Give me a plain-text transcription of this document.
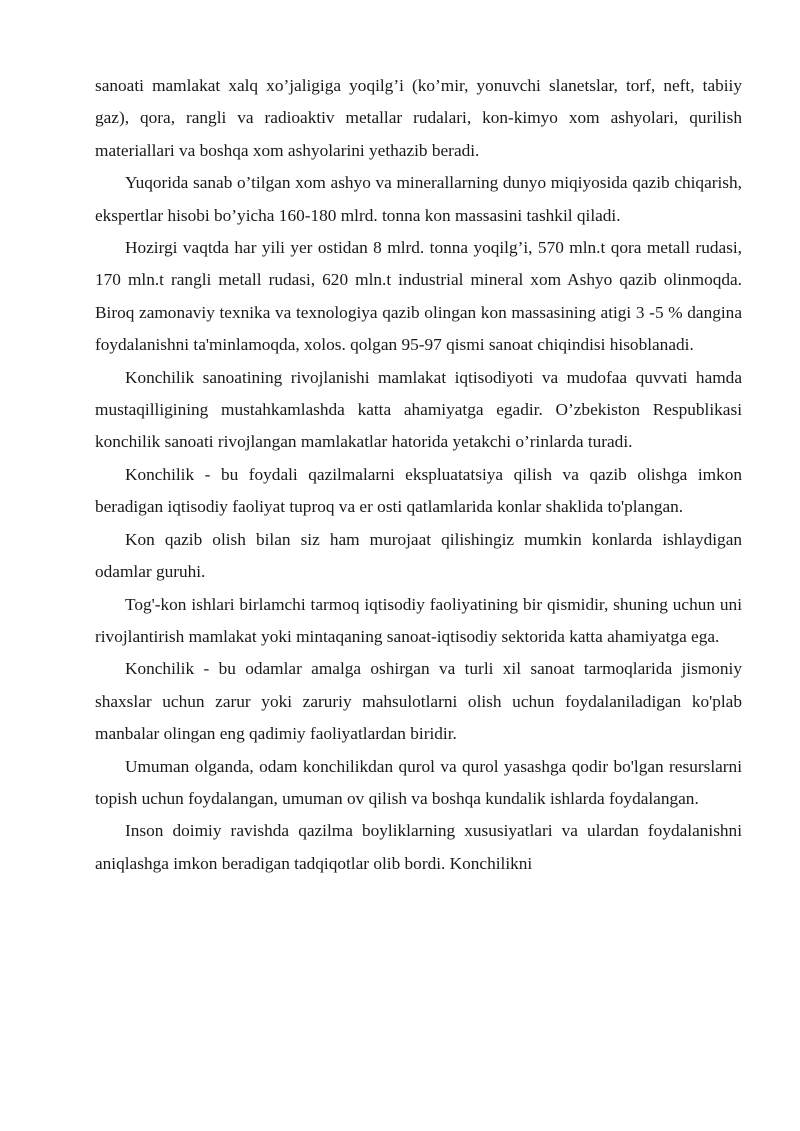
sanoati mamlakat xalq xo’jaligiga yoqilg’i (ko’mir, yonuvchi slanetslar, torf, neft, tabiiy gaz), qora, rangli va radioaktiv metallar rudalari, kon-kimyo xom ashyolari, qurilish materiallari va boshqa xom ashyolarini yethazib beradi.

Yuqorida sanab o’tilgan xom ashyo va minerallarning dunyo miqiyosida qazib chiqarish, ekspertlar hisobi bo’yicha 160-180 mlrd. tonna kon massasini tashkil qiladi.

Hozirgi vaqtda har yili yer ostidan 8 mlrd. tonna yoqilg’i, 570 mln.t qora metall rudasi, 170 mln.t rangli metall rudasi, 620 mln.t industrial mineral xom Ashyo qazib olinmoqda. Biroq zamonaviy texnika va texnologiya qazib olingan kon massasining atigi 3 -5 % dangina foydalanishni ta'minlamoqda, xolos. qolgan 95-97 qismi sanoat chiqindisi hisoblanadi.

Konchilik sanoatining rivojlanishi mamlakat iqtisodiyoti va mudofaa quvvati hamda mustaqilligining mustahkamlashda katta ahamiyatga egadir. O’zbekiston Respublikasi konchilik sanoati rivojlangan mamlakatlar hatorida yetakchi o’rinlarda turadi.

Konchilik - bu foydali qazilmalarni ekspluatatsiya qilish va qazib olishga imkon beradigan iqtisodiy faoliyat tuproq va er osti qatlamlarida konlar shaklida to'plangan.

Kon qazib olish bilan siz ham murojaat qilishingiz mumkin konlarda ishlaydigan odamlar guruhi.

Tog'-kon ishlari birlamchi tarmoq iqtisodiy faoliyatining bir qismidir, shuning uchun uni rivojlantirish mamlakat yoki mintaqaning sanoat-iqtisodiy sektorida katta ahamiyatga ega.

Konchilik - bu odamlar amalga oshirgan va turli xil sanoat tarmoqlarida jismoniy shaxslar uchun zarur yoki zaruriy mahsulotlarni olish uchun foydalaniladigan ko'plab manbalar olingan eng qadimiy faoliyatlardan biridir.

Umuman olganda, odam konchilikdan qurol va qurol yasashga qodir bo'lgan resurslarni topish uchun foydalangan, umuman ov qilish va boshqa kundalik ishlarda foydalangan.

Inson doimiy ravishda qazilma boyliklarning xususiyatlari va ulardan foydalanishni aniqlashga imkon beradigan tadqiqotlar olib bordi. Konchilikni
